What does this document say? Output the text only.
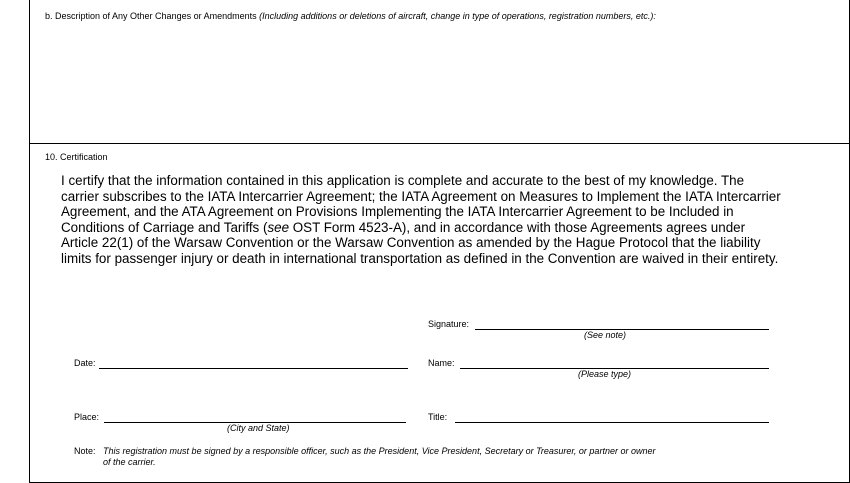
b. Description of Any Other Changes or Amendments (Including additions or deletions of aircraft, change in type of operations, registration numbers, etc.):
10. Certification
I certify that the information contained in this application is complete and accurate to the best of my knowledge. The carrier subscribes to the IATA Intercarrier Agreement; the IATA Agreement on Measures to Implement the IATA Intercarrier Agreement, and the ATA Agreement on Provisions Implementing the IATA Intercarrier Agreement to be Included in Conditions of Carriage and Tariffs (see OST Form 4523-A), and in accordance with those Agreements agrees under Article 22(1) of the Warsaw Convention or the Warsaw Convention as amended by the Hague Protocol that the liability limits for passenger injury or death in international transportation as defined in the Convention are waived in their entirety.
Signature:
(See note)
Date:	Name:
(Please type)
Place:
(City and State)
Title:
Note: This registration must be signed by a responsible officer, such as the President, Vice President, Secretary or Treasurer, or partner or owner
of the carrier.
